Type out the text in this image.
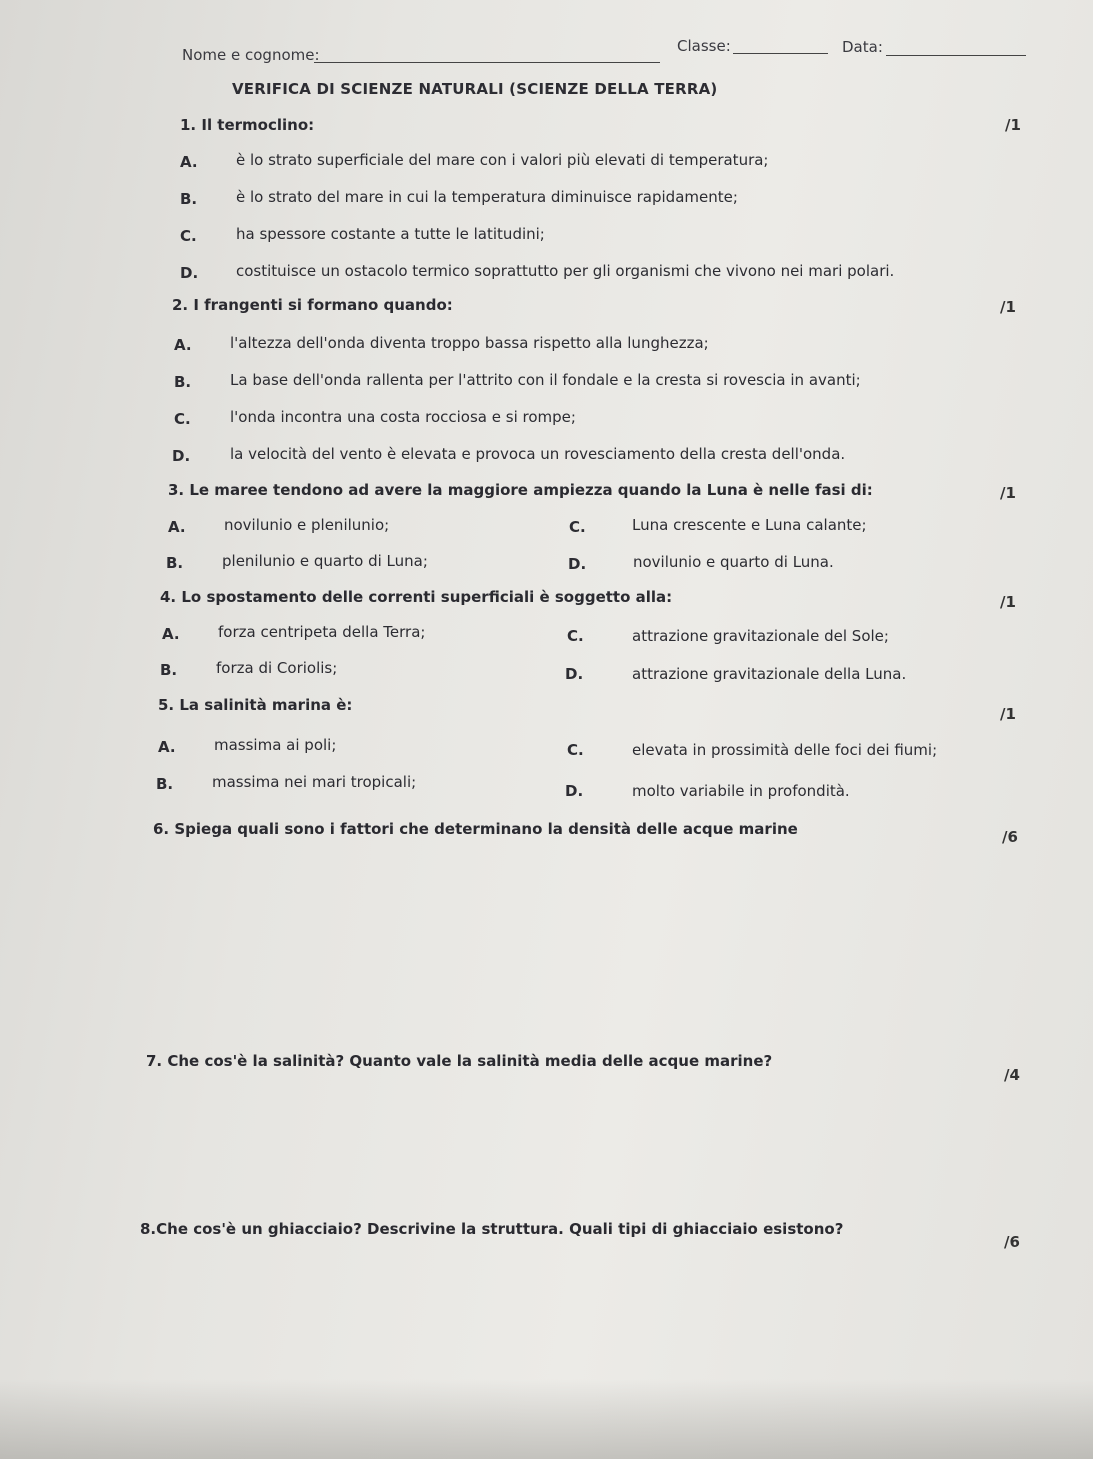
Nome e cognome:	Classe:	Data:
VERIFICA DI SCIENZE NATURALI (SCIENZE DELLA TERRA)
1. Il termoclino:	/1
A.	è lo strato superficiale del mare con i valori più elevati di temperatura;
B.	è lo strato del mare in cui la temperatura diminuisce rapidamente;
C.	ha spessore costante a tutte le latitudini;
D.	costituisce un ostacolo termico soprattutto per gli organismi che vivono nei mari polari.
2. I frangenti si formano quando:	/1
A.	l'altezza dell'onda diventa troppo bassa rispetto alla lunghezza;
B.	La base dell'onda rallenta per l'attrito con il fondale e la cresta si rovescia in avanti;
C.	l'onda incontra una costa rocciosa e si rompe;
D.	la velocità del vento è elevata e provoca un rovesciamento della cresta dell'onda.
3. Le maree tendono ad avere la maggiore ampiezza quando la Luna è nelle fasi di:	/1
A.	novilunio e plenilunio;	C.	Luna crescente e Luna calante;
B.	plenilunio e quarto di Luna;	D.	novilunio e quarto di Luna.
4. Lo spostamento delle correnti superficiali è soggetto alla:	/1
A.	forza centripeta della Terra;	C.	attrazione gravitazionale del Sole;
B.	forza di Coriolis;	D.	attrazione gravitazionale della Luna.
5. La salinità marina è:	/1
A.	massima ai poli;	C.	elevata in prossimità delle foci dei fiumi;
B.	massima nei mari tropicali;	D.	molto variabile in profondità.
6. Spiega quali sono i fattori che determinano la densità delle acque marine	/6
7. Che cos'è la salinità? Quanto vale la salinità media delle acque marine?
/4
8.Che cos'è un ghiacciaio? Descrivine la struttura. Quali tipi di ghiacciaio esistono?
/6
